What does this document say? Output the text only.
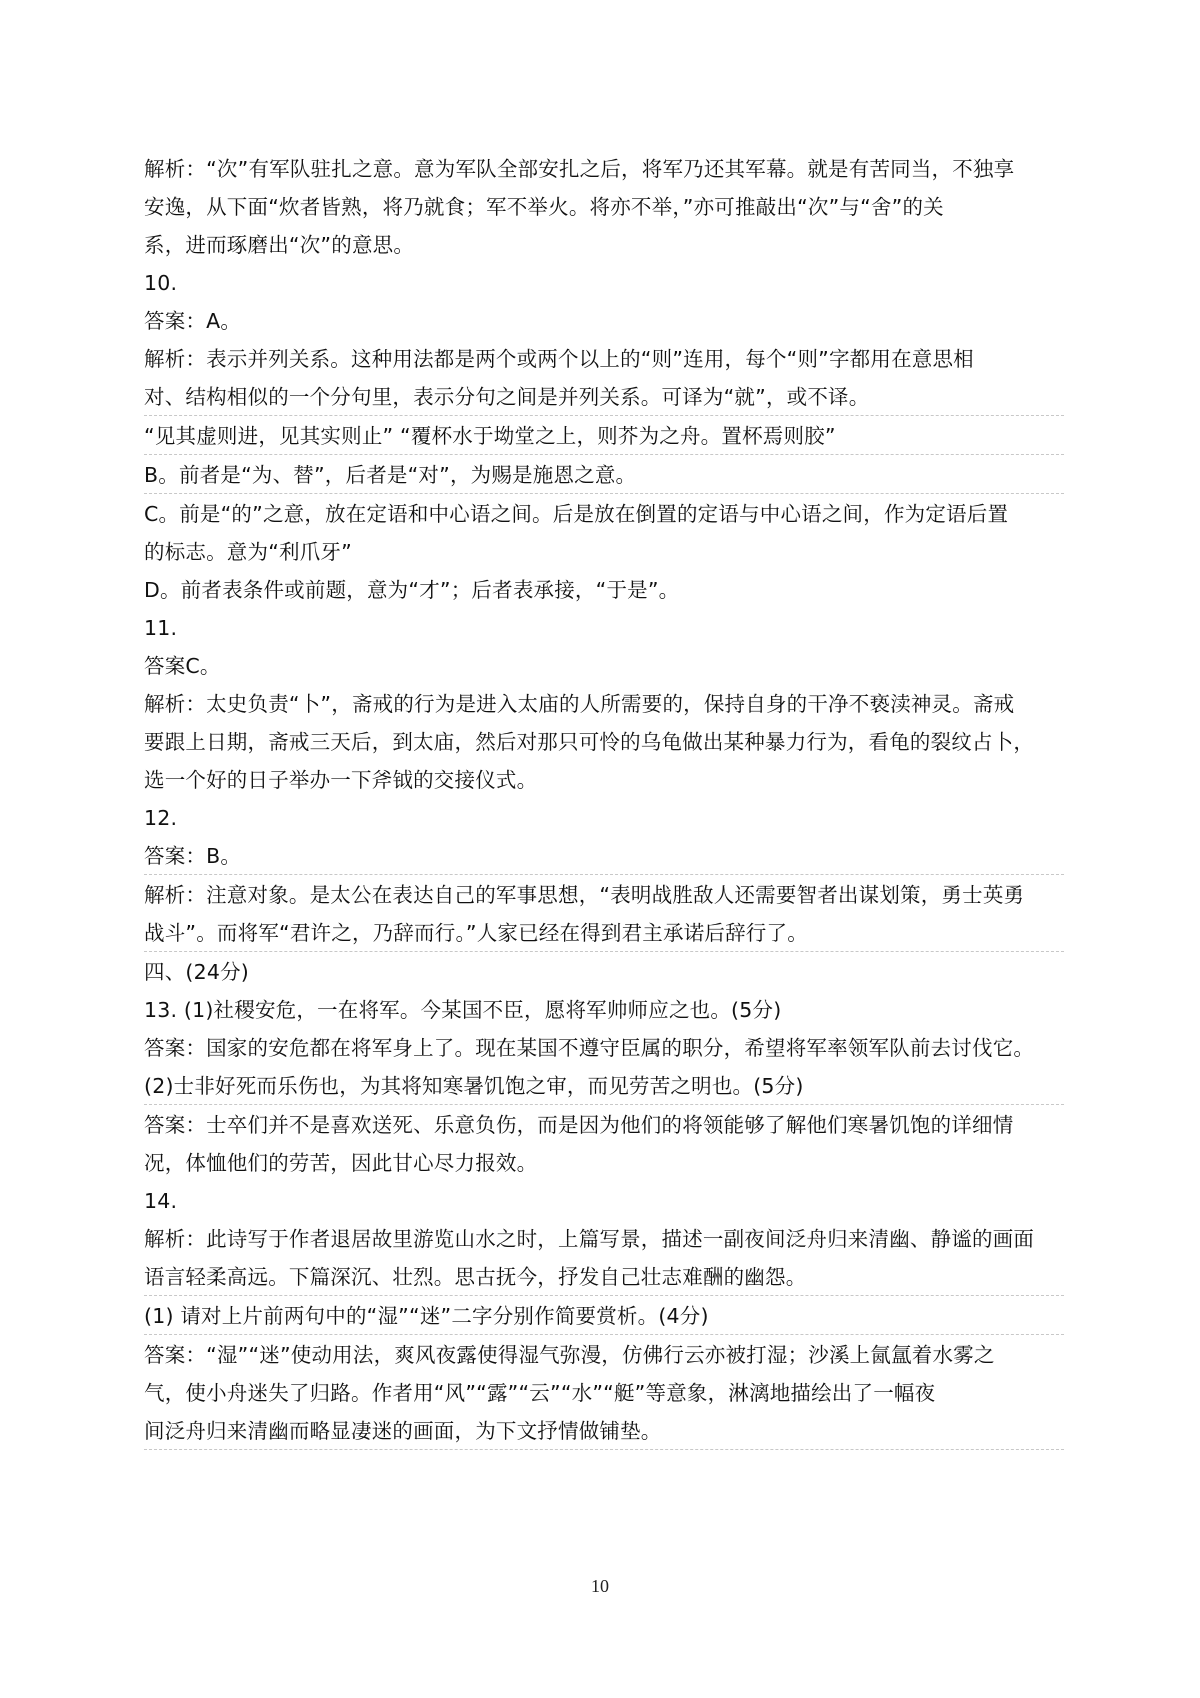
解析：“次”有军队驻扎之意。意为军队全部安扎之后，将军乃还其军幕。就是有苦同当，不独享
安逸，从下面“炊者皆熟，将乃就食；军不举火。将亦不举，”亦可推敲出“次”与“舍”的关
系，进而琢磨出“次”的意思。
10.
答案：A。
解析：表示并列关系。这种用法都是两个或两个以上的“则”连用，每个“则”字都用在意思相
对、结构相似的一个分句里，表示分句之间是并列关系。可译为“就”，或不译。
“见其虚则进，见其实则止” “覆杯水于坳堂之上，则芥为之舟。置杯焉则胶”
B。前者是“为、替”，后者是“对”，为赐是施恩之意。
C。前是“的”之意，放在定语和中心语之间。后是放在倒置的定语与中心语之间，作为定语后置
的标志。意为“利爪牙”
D。前者表条件或前题，意为“才”；后者表承接，“于是”。
11.
答案C。
解析：太史负责“卜”，斋戒的行为是进入太庙的人所需要的，保持自身的干净不亵渎神灵。斋戒
要跟上日期，斋戒三天后，到太庙，然后对那只可怜的乌龟做出某种暴力行为，看龟的裂纹占卜，
选一个好的日子举办一下斧钺的交接仪式。
12.
答案：B。
解析：注意对象。是太公在表达自己的军事思想，“表明战胜敌人还需要智者出谋划策，勇士英勇
战斗”。而将军“君许之，乃辞而行。”人家已经在得到君主承诺后辞行了。
四、(24分)
13. (1)社稷安危，一在将军。今某国不臣，愿将军帅师应之也。(5分)
答案：国家的安危都在将军身上了。现在某国不遵守臣属的职分，希望将军率领军队前去讨伐它。
(2)士非好死而乐伤也，为其将知寒暑饥饱之审，而见劳苦之明也。(5分)
答案：士卒们并不是喜欢送死、乐意负伤，而是因为他们的将领能够了解他们寒暑饥饱的详细情
况，体恤他们的劳苦，因此甘心尽力报效。
14.
解析：此诗写于作者退居故里游览山水之时，上篇写景，描述一副夜间泛舟归来清幽、静谧的画面
语言轻柔高远。下篇深沉、壮烈。思古抚今，抒发自己壮志难酬的幽怨。
(1) 请对上片前两句中的“湿”“迷”二字分别作简要赏析。(4分)
答案：“湿”“迷”使动用法，爽风夜露使得湿气弥漫，仿佛行云亦被打湿；沙溪上氤氲着水雾之
气，使小舟迷失了归路。作者用“风”“露”“云”“水”“艇”等意象，淋漓地描绘出了一幅夜
间泛舟归来清幽而略显凄迷的画面，为下文抒情做铺垫。
10
